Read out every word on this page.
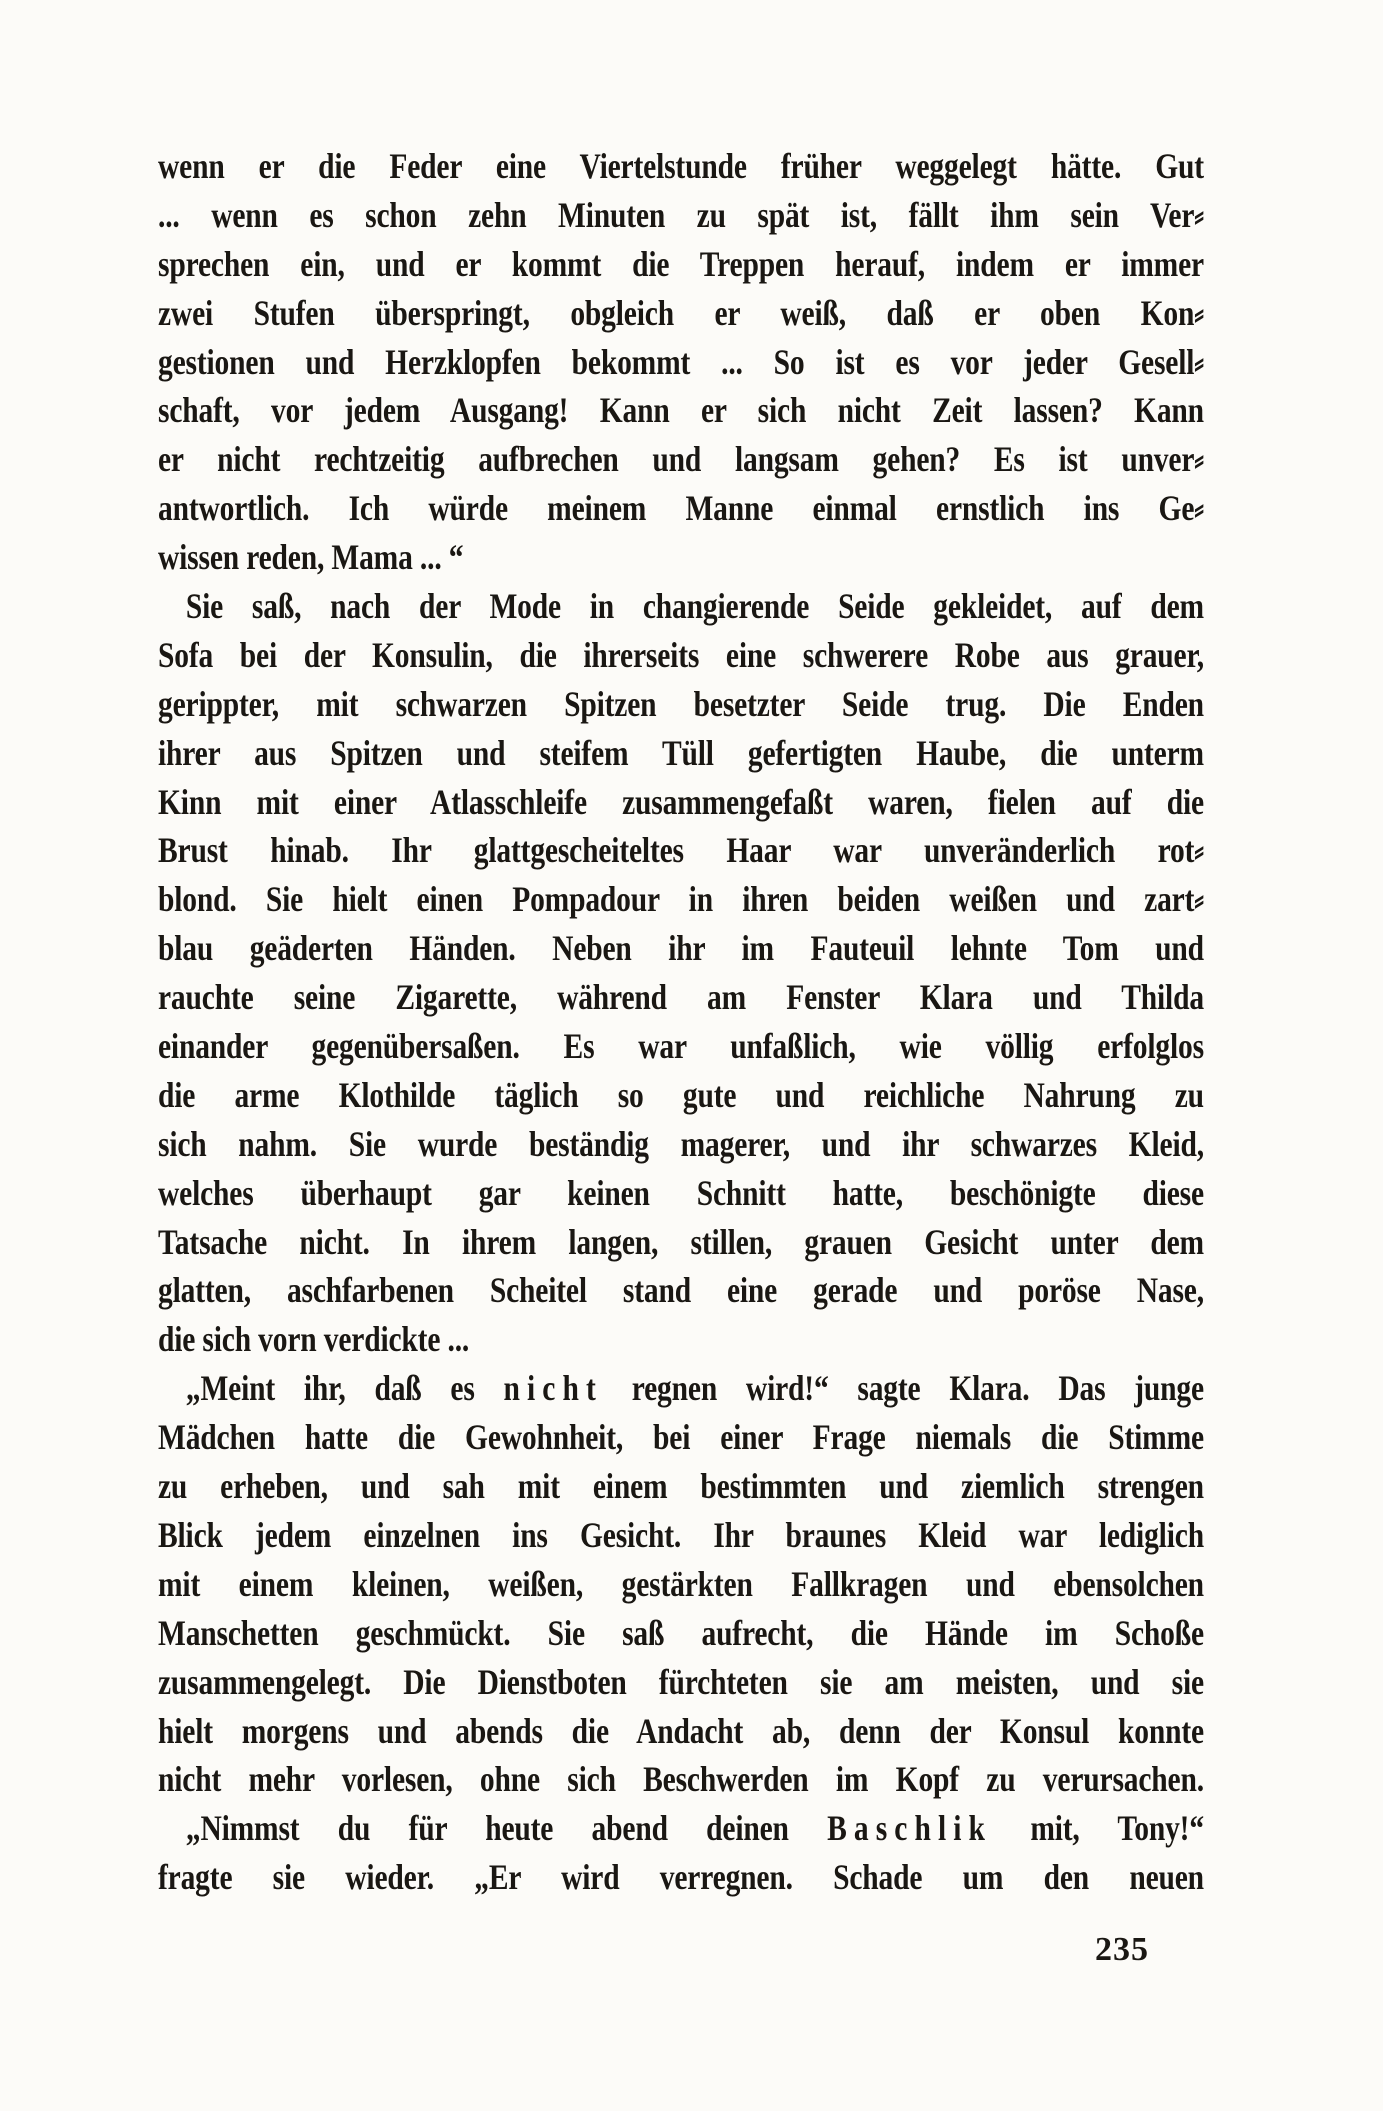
wenn er die Feder eine Viertelstunde früher weggelegt hätte. Gut
... wenn es schon zehn Minuten zu spät ist, fällt ihm sein Ver⸗
sprechen ein, und er kommt die Treppen herauf, indem er immer
zwei Stufen überspringt, obgleich er weiß, daß er oben Kon⸗
gestionen und Herzklopfen bekommt ... So ist es vor jeder Gesell⸗
schaft, vor jedem Ausgang! Kann er sich nicht Zeit lassen? Kann
er nicht rechtzeitig aufbrechen und langsam gehen? Es ist unver⸗
antwortlich. Ich würde meinem Manne einmal ernstlich ins Ge⸗
wissen reden, Mama ... “
Sie saß, nach der Mode in changierende Seide gekleidet, auf dem
Sofa bei der Konsulin, die ihrerseits eine schwerere Robe aus grauer,
gerippter, mit schwarzen Spitzen besetzter Seide trug. Die Enden
ihrer aus Spitzen und steifem Tüll gefertigten Haube, die unterm
Kinn mit einer Atlasschleife zusammengefaßt waren, fielen auf die
Brust hinab. Ihr glattgescheiteltes Haar war unveränderlich rot⸗
blond. Sie hielt einen Pompadour in ihren beiden weißen und zart⸗
blau geäderten Händen. Neben ihr im Fauteuil lehnte Tom und
rauchte seine Zigarette, während am Fenster Klara und Thilda
einander gegenübersaßen. Es war unfaßlich, wie völlig erfolglos
die arme Klothilde täglich so gute und reichliche Nahrung zu
sich nahm. Sie wurde beständig magerer, und ihr schwarzes Kleid,
welches überhaupt gar keinen Schnitt hatte, beschönigte diese
Tatsache nicht. In ihrem langen, stillen, grauen Gesicht unter dem
glatten, aschfarbenen Scheitel stand eine gerade und poröse Nase,
die sich vorn verdickte ...
„Meint ihr, daß es nicht regnen wird!“ sagte Klara. Das junge
Mädchen hatte die Gewohnheit, bei einer Frage niemals die Stimme
zu erheben, und sah mit einem bestimmten und ziemlich strengen
Blick jedem einzelnen ins Gesicht. Ihr braunes Kleid war lediglich
mit einem kleinen, weißen, gestärkten Fallkragen und ebensolchen
Manschetten geschmückt. Sie saß aufrecht, die Hände im Schoße
zusammengelegt. Die Dienstboten fürchteten sie am meisten, und sie
hielt morgens und abends die Andacht ab, denn der Konsul konnte
nicht mehr vorlesen, ohne sich Beschwerden im Kopf zu verursachen.
„Nimmst du für heute abend deinen Baschlik mit, Tony!“
fragte sie wieder. „Er wird verregnen. Schade um den neuen
235
